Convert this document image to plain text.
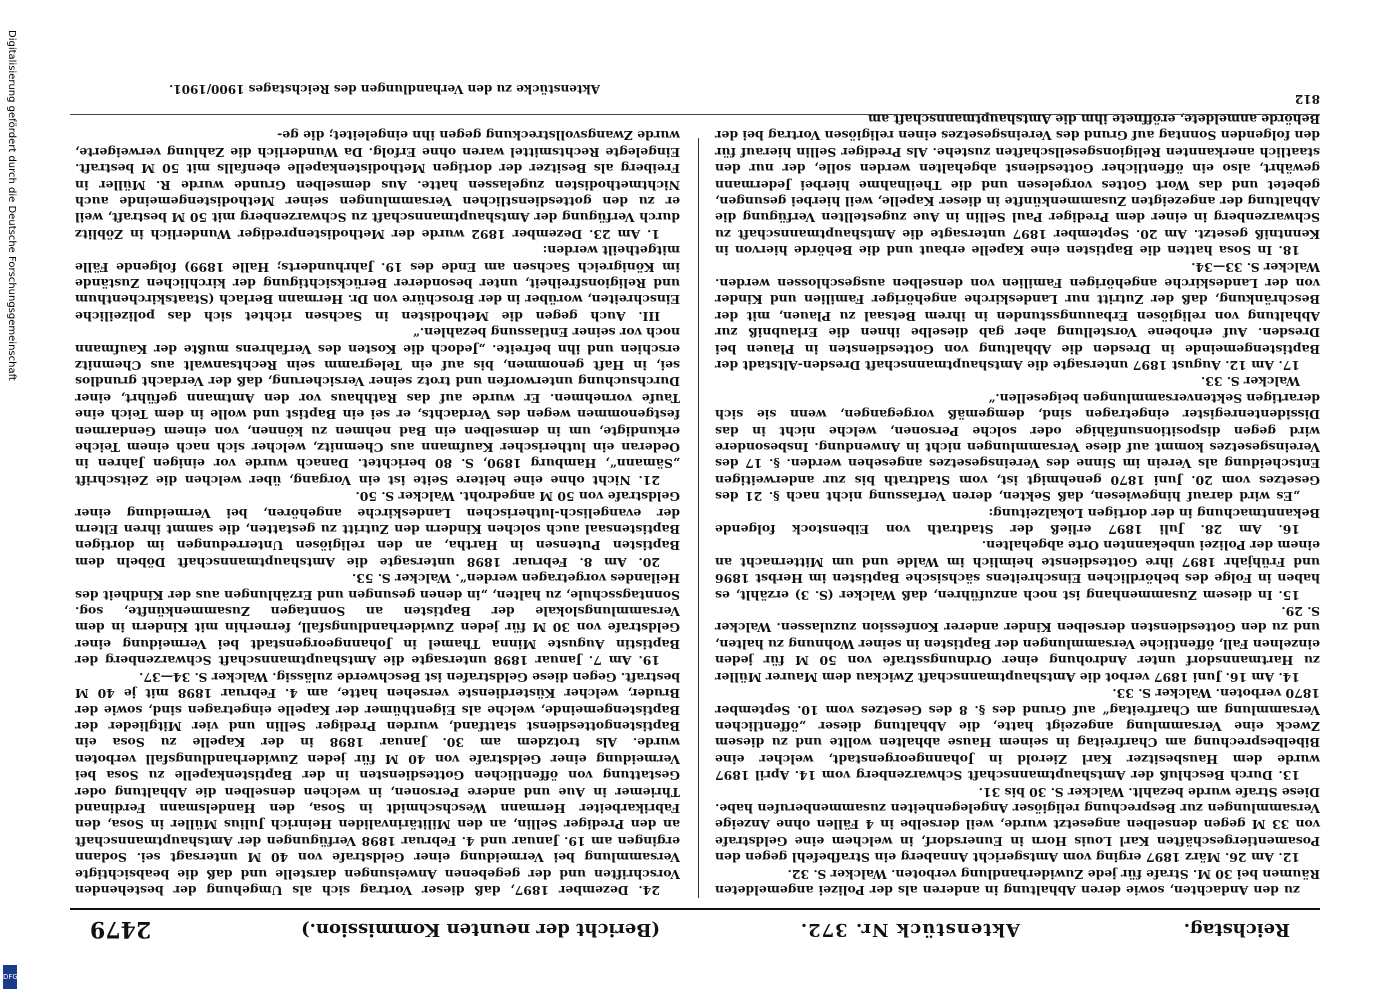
Reichstag.
Aktenstück Nr. 372.
(Bericht der neunten Kommission.)
2479

zu den Andachten, sowie deren Abhaltung in anderen als der Polizei angemeldeten Räumen bei 30 M. Strafe für jede Zuwiderhandlung verboten. Walcker S. 32.

12. Am 26. März 1897 erging vom Amtsgericht Annaberg ein Strafbefehl gegen den Posamentiergeschäften Karl Louis Horn in Eunersdorf, in welchem eine Geldstrafe von 33 M gegen denselben angesetzt wurde, weil derselbe in 4 Fällen ohne Anzeige Versammlungen zur Besprechung religiöser Angelegenheiten zusammenberufen habe. Diese Strafe wurde bezahlt. Walcker S. 30 bis 31.

13. Durch Beschluß der Amtshauptmannschaft Schwarzenberg vom 14. April 1897 wurde dem Hausbesitzer Karl Zierold in Johanngeorgenstadt, welcher eine Bibelbesprechung am Charfreitag in seinem Hause abhalten wollte und zu diesem Zweck eine Versammlung angezeigt hatte, die Abhaltung dieser „öffentlichen Versammlung am Charfreitag“ auf Grund des §. 8 des Gesetzes vom 10. September 1870 verboten. Walcker S. 33.

14. Am 16. Juni 1897 verbot die Amtshauptmannschaft Zwickau dem Maurer Müller zu Hartmannsdorf unter Androhung einer Ordnungsstrafe von 50 M für jeden einzelnen Fall, öffentliche Versammlungen der Baptisten in seiner Wohnung zu halten, und zu den Gottesdiensten derselben Kinder anderer Konfession zuzulassen. Walcker S. 29.

15. In diesem Zusammenhang ist noch anzuführen, daß Walcker (S. 3) erzählt, es haben in Folge des behördlichen Einschreitens sächsische Baptisten im Herbst 1896 und Frühjahr 1897 ihre Gottesdienste heimlich im Walde und um Mitternacht an einem der Polizei unbekannten Orte abgehalten.

16. Am 28. Juli 1897 erließ der Stadtrath von Eibenstock folgende Bekanntmachung in der dortigen Lokalzeitung:

„Es wird darauf hingewiesen, daß Sekten, deren Verfassung nicht nach §. 21 des Gesetzes vom 20. Juni 1870 genehmigt ist, vom Stadtrath bis zur anderweitigen Entscheidung als Verein im Sinne des Vereinsgesetzes angesehen werden. §. 17 des Vereinsgesetzes kommt auf diese Versammlungen nicht in Anwendung. Insbesondere wird gegen dispositionsunfähige oder solche Personen, welche nicht in das Dissidentenregister eingetragen sind, demgemäß vorgegangen, wenn sie sich derartigen Sektenversammlungen beigesellen.“

Walcker S. 33.

17. Am 12. August 1897 untersagte die Amtshauptmannschaft Dresden-Altstadt der Baptistengemeinde in Dresden die Abhaltung von Gottesdiensten in Plauen bei Dresden. Auf erhobene Vorstellung aber gab dieselbe ihnen die Erlaubniß zur Abhaltung von religiösen Erbauungsstunden in ihrem Betsaal zu Plauen, mit der Beschränkung, daß der Zutritt nur Landeskirche angehöriger Familien und Kinder von der Landeskirche angehörigen Familien von denselben ausgeschlossen werden. Walcker S. 33—34.

18. In Sosa hatten die Baptisten eine Kapelle erbaut und die Behörde hiervon in Kenntniß gesetzt. Am 20. September 1897 untersagte die Amtshauptmannschaft zu Schwarzenberg in einer dem Prediger Paul Sellin in Aue zugestellten Verfügung die Abhaltung der angezeigten Zusammenkünfte in dieser Kapelle, weil hierbei gesungen, gebetet und das Wort Gottes vorgelesen und die Theilnahme hierbei Jedermann gewährt, also ein öffentlicher Gottesdienst abgehalten werden solle, der nur den staatlich anerkannten Religionsgesellschaften zustehe. Als Prediger Sellin hierauf für den folgenden Sonntag auf Grund des Vereinsgesetzes einen religiösen Vortrag bei der Behörde anmeldete, eröffnete ihm die Amtshauptmannschaft am

24. Dezember 1897, daß dieser Vortrag sich als Umgehung der bestehenden Vorschriften und der gegebenen Anweisungen darstelle und daß die beabsichtigte Versammlung bei Vermeidung einer Geldstrafe von 40 M untersagt sei. Sodann ergingen am 19. Januar und 4. Februar 1898 Verfügungen der Amtshauptmannschaft an den Prediger Sellin, an den Militärinvaliden Heinrich Julius Müller in Sosa, den Fabrikarbeiter Hermann Weschschmidt in Sosa, den Handelsmann Ferdinand Thriemer in Aue und andere Personen, in welchen denselben die Abhaltung oder Gestattung von öffentlichen Gottesdiensten in der Baptistenkapelle zu Sosa bei Vermeidung einer Geldstrafe von 40 M für jeden Zuwiderhandlungsfall verboten wurde. Als trotzdem am 30. Januar 1898 in der Kapelle zu Sosa ein Baptistengottesdienst stattfand, wurden Prediger Sellin und vier Mitglieder der Baptistengemeinde, welche als Eigenthümer der Kapelle eingetragen sind, sowie der Bruder, welcher Küsterdienste versehen hatte, am 4. Februar 1898 mit je 40 M bestraft. Gegen diese Geldstrafen ist Beschwerde zulässig. Walcker S. 34—37.

19. Am 7. Januar 1898 untersagte die Amtshauptmannschaft Schwarzenberg der Baptistin Auguste Minna Thamel in Johanngeorgenstadt bei Vermeidung einer Geldstrafe von 30 M für jeden Zuwiderhandlungsfall, fernerhin mit Kindern in dem Versammlungslokale der Baptisten an Sonntagen Zusammenkünfte, sog. Sonntagsschule, zu halten, „in denen gesungen und Erzählungen aus der Kindheit des Heilandes vorgetragen werden“. Walcker S. 53.

20. Am 8. Februar 1898 untersagte die Amtshauptmannschaft Döbeln dem Baptisten Putensen in Hartha, an den religiösen Unterredungen im dortigen Baptistensaal auch solchen Kindern den Zutritt zu gestatten, die sammt ihren Eltern der evangelisch-lutherischen Landeskirche angehören, bei Vermeidung einer Geldstrafe von 50 M angedroht. Walcker S. 50.

21. Nicht ohne eine heitere Seite ist ein Vorgang, über welchen die Zeitschrift „Sämann“, Hamburg 1890, S. 80 berichtet. Danach wurde vor einigen Jahren in Oederan ein lutherischer Kaufmann aus Chemnitz, welcher sich nach einem Teiche erkundigte, um in demselben ein Bad nehmen zu können, von einem Gendarmen festgenommen wegen des Verdachts, er sei ein Baptist und wolle in dem Teich eine Taufe vornehmen. Er wurde auf das Rathhaus vor den Amtmann geführt, einer Durchsuchung unterworfen und trotz seiner Versicherung, daß der Verdacht grundlos sei, in Haft genommen, bis auf ein Telegramm sein Rechtsanwalt aus Chemnitz erschien und ihn befreite. „Jedoch die Kosten des Verfahrens mußte der Kaufmann noch vor seiner Entlassung bezahlen.“

III. Auch gegen die Methodisten in Sachsen richtet sich das polizeiliche Einschreiten, worüber in der Broschüre von Dr. Hermann Berlach (Staatskirchenthum und Religionsfreiheit, unter besonderer Berücksichtigung der kirchlichen Zustände im Königreich Sachsen am Ende des 19. Jahrhunderts; Halle 1899) folgende Fälle mitgetheilt werden:

1. Am 23. Dezember 1892 wurde der Methodistenprediger Wunderlich in Zöblitz durch Verfügung der Amtshauptmannschaft zu Schwarzenberg mit 50 M bestraft, weil er zu den gottesdienstlichen Versammlungen seiner Methodistengemeinde auch Nichtmethodisten zugelassen hatte. Aus demselben Grunde wurde R. Müller in Freiberg als Besitzer der dortigen Methodistenkapelle ebenfalls mit 50 M bestraft. Eingelegte Rechtsmittel waren ohne Erfolg. Da Wunderlich die Zahlung verweigerte, wurde Zwangsvollstreckung gegen ihn eingeleitet; die ge-

812
Aktenstücke zu den Verhandlungen des Reichstages 1900/1901.
Digitalisierung gefördert durch die Deutsche Forschungsgemeinschaft
DFG
